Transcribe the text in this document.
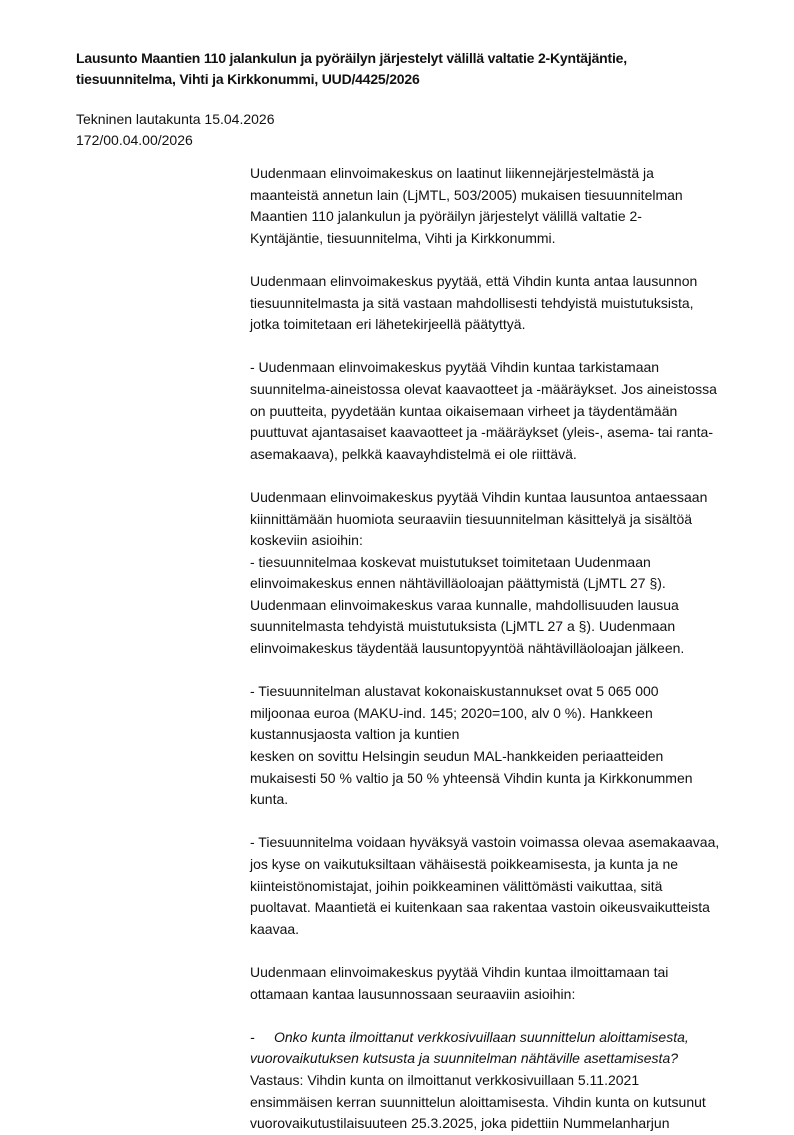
Lausunto Maantien 110 jalankulun ja pyöräilyn järjestelyt välillä valtatie 2-Kyntäjäntie,
tiesuunnitelma, Vihti ja Kirkkonummi, UUD/4425/2026
Tekninen lautakunta 15.04.2026
172/00.04.00/2026

Uudenmaan elinvoimakeskus on laatinut liikennejärjestelmästä ja
maanteistä annetun lain (LjMTL, 503/2005) mukaisen tiesuunnitelman
Maantien 110 jalankulun ja pyöräilyn järjestelyt välillä valtatie 2-
Kyntäjäntie, tiesuunnitelma, Vihti ja Kirkkonummi.

Uudenmaan elinvoimakeskus pyytää, että Vihdin kunta antaa lausunnon
tiesuunnitelmasta ja sitä vastaan mahdollisesti tehdyistä muistutuksista,
jotka toimitetaan eri lähetekirjeellä päätyttyä.

- Uudenmaan elinvoimakeskus pyytää Vihdin kuntaa tarkistamaan
suunnitelma-aineistossa olevat kaavaotteet ja -määräykset. Jos aineistossa
on puutteita, pyydetään kuntaa oikaisemaan virheet ja täydentämään
puuttuvat ajantasaiset kaavaotteet ja -määräykset (yleis-, asema- tai ranta-
asemakaava), pelkkä kaavayhdistelmä ei ole riittävä.

Uudenmaan elinvoimakeskus pyytää Vihdin kuntaa lausuntoa antaessaan
kiinnittämään huomiota seuraaviin tiesuunnitelman käsittelyä ja sisältöä
koskeviin asioihin:
- tiesuunnitelmaa koskevat muistutukset toimitetaan Uudenmaan
elinvoimakeskus ennen nähtävilläoloajan päättymistä (LjMTL 27 §).
Uudenmaan elinvoimakeskus varaa kunnalle, mahdollisuuden lausua
suunnitelmasta tehdyistä muistutuksista (LjMTL 27 a §). Uudenmaan
elinvoimakeskus täydentää lausuntopyyntöä nähtävilläoloajan jälkeen.

- Tiesuunnitelman alustavat kokonaiskustannukset ovat 5 065 000
miljoonaa euroa (MAKU-ind. 145; 2020=100, alv 0 %). Hankkeen
kustannusjaosta valtion ja kuntien
kesken on sovittu Helsingin seudun MAL-hankkeiden periaatteiden
mukaisesti 50 % valtio ja 50 % yhteensä Vihdin kunta ja Kirkkonummen
kunta.

- Tiesuunnitelma voidaan hyväksyä vastoin voimassa olevaa asemakaavaa,
jos kyse on vaikutuksiltaan vähäisestä poikkeamisesta, ja kunta ja ne
kiinteistönomistajat, joihin poikkeaminen välittömästi vaikuttaa, sitä
puoltavat. Maantietä ei kuitenkaan saa rakentaa vastoin oikeusvaikutteista
kaavaa.

Uudenmaan elinvoimakeskus pyytää Vihdin kuntaa ilmoittamaan tai
ottamaan kantaa lausunnossaan seuraaviin asioihin:

- Onko kunta ilmoittanut verkkosivuillaan suunnittelun aloittamisesta,
vuorovaikutuksen kutsusta ja suunnitelman nähtäville asettamisesta?
Vastaus: Vihdin kunta on ilmoittanut verkkosivuillaan 5.11.2021
ensimmäisen kerran suunnittelun aloittamisesta. Vihdin kunta on kutsunut
vuorovaikutustilaisuuteen 25.3.2025, joka pidettiin Nummelanharjun
